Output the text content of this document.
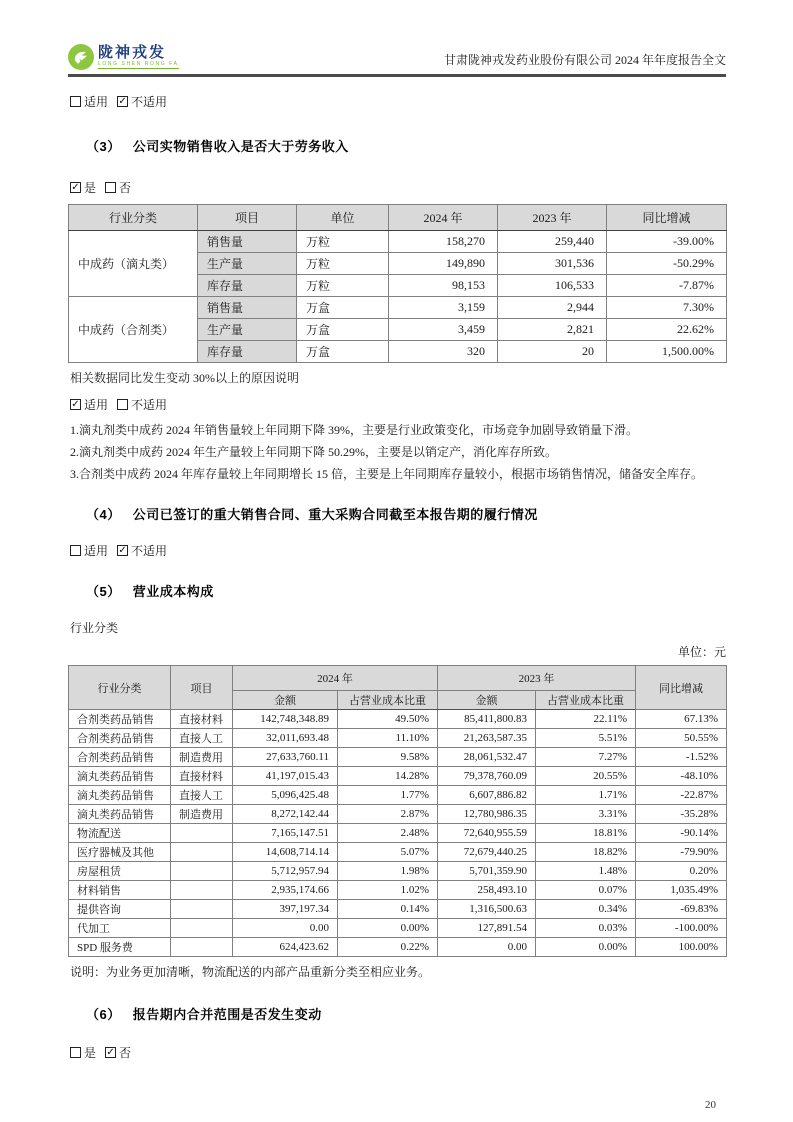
陇神戎发
LONG SHEN RONG FA	甘肃陇神戎发药业股份有限公司 2024 年年度报告全文
适用 ✓ 不适用
（3） 公司实物销售收入是否大于劳务收入
✓ 是 否
行业分类	项目	单位	2024 年	2023 年	同比增减
中成药（滴丸类）	销售量	万粒	158,270	259,440	-39.00%
	生产量	万粒	149,890	301,536	-50.29%
	库存量	万粒	98,153	106,533	-7.87%
中成药（合剂类）	销售量	万盒	3,159	2,944	7.30%
	生产量	万盒	3,459	2,821	22.62%
	库存量	万盒	320	20	1,500.00%
相关数据同比发生变动 30%以上的原因说明
✓ 适用 不适用
1.滴丸剂类中成药 2024 年销售量较上年同期下降 39%，主要是行业政策变化，市场竞争加剧导致销量下滑。
2.滴丸剂类中成药 2024 年生产量较上年同期下降 50.29%，主要是以销定产，消化库存所致。
3.合剂类中成药 2024 年库存量较上年同期增长 15 倍，主要是上年同期库存量较小，根据市场销售情况，储备安全库存。
（4） 公司已签订的重大销售合同、重大采购合同截至本报告期的履行情况
适用 ✓ 不适用
（5） 营业成本构成
行业分类
单位：元
行业分类	项目	2024 年		2023 年		同比增减
		金额	占营业成本比重	金额	占营业成本比重	
合剂类药品销售	直接材料	142,748,348.89	49.50%	85,411,800.83	22.11%	67.13%
合剂类药品销售	直接人工	32,011,693.48	11.10%	21,263,587.35	5.51%	50.55%
合剂类药品销售	制造费用	27,633,760.11	9.58%	28,061,532.47	7.27%	-1.52%
滴丸类药品销售	直接材料	41,197,015.43	14.28%	79,378,760.09	20.55%	-48.10%
滴丸类药品销售	直接人工	5,096,425.48	1.77%	6,607,886.82	1.71%	-22.87%
滴丸类药品销售	制造费用	8,272,142.44	2.87%	12,780,986.35	3.31%	-35.28%
物流配送		7,165,147.51	2.48%	72,640,955.59	18.81%	-90.14%
医疗器械及其他		14,608,714.14	5.07%	72,679,440.25	18.82%	-79.90%
房屋租赁		5,712,957.94	1.98%	5,701,359.90	1.48%	0.20%
材料销售		2,935,174.66	1.02%	258,493.10	0.07%	1,035.49%
提供咨询		397,197.34	0.14%	1,316,500.63	0.34%	-69.83%
代加工		0.00	0.00%	127,891.54	0.03%	-100.00%
SPD 服务费		624,423.62	0.22%	0.00	0.00%	100.00%
说明：为业务更加清晰，物流配送的内部产品重新分类至相应业务。
（6） 报告期内合并范围是否发生变动
是 ✓ 否
20
